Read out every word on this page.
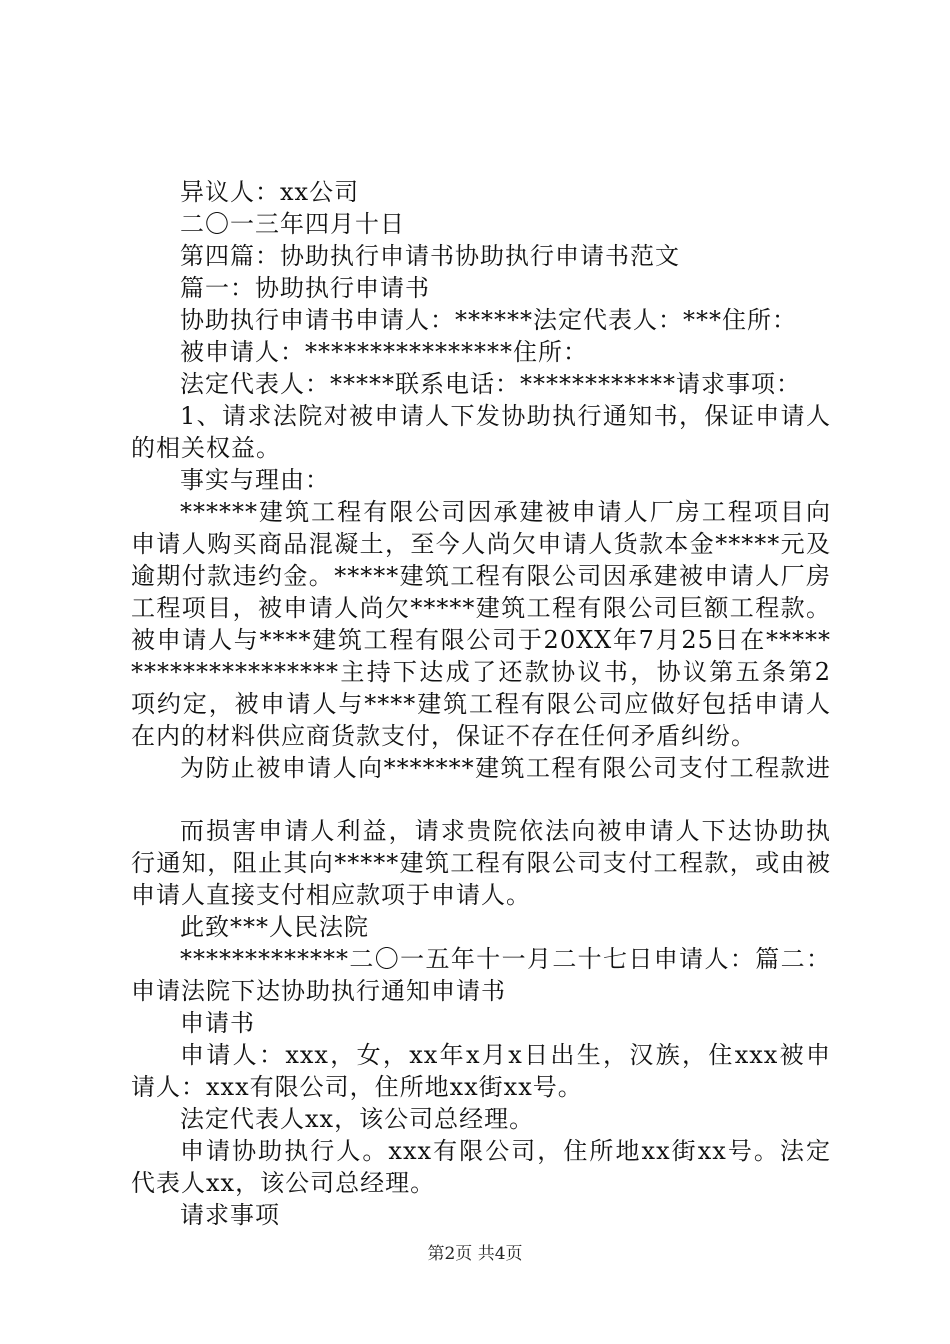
异议人：xx公司
二〇一三年四月十日
第四篇：协助执行申请书协助执行申请书范文
篇一：协助执行申请书
协助执行申请书申请人：******法定代表人：***住所：
被申请人：****************住所：
法定代表人：*****联系电话：************请求事项：
1、请求法院对被申请人下发协助执行通知书，保证申请人
的相关权益。
事实与理由：
******建筑工程有限公司因承建被申请人厂房工程项目向
申请人购买商品混凝土，至今人尚欠申请人货款本金*****元及
逾期付款违约金。*****建筑工程有限公司因承建被申请人厂房
工程项目，被申请人尚欠*****建筑工程有限公司巨额工程款。
被申请人与****建筑工程有限公司于20XX年7月25日在*****
****************主持下达成了还款协议书，协议第五条第2
项约定，被申请人与****建筑工程有限公司应做好包括申请人
在内的材料供应商货款支付，保证不存在任何矛盾纠纷。
为防止被申请人向*******建筑工程有限公司支付工程款进
而损害申请人利益，请求贵院依法向被申请人下达协助执
行通知，阻止其向*****建筑工程有限公司支付工程款，或由被
申请人直接支付相应款项于申请人。
此致***人民法院
*************二〇一五年十一月二十七日申请人：篇二：
申请法院下达协助执行通知申请书
申请书
申请人：xxx，女，xx年x月x日出生，汉族，住xxx被申
请人：xxx有限公司，住所地xx街xx号。
法定代表人xx，该公司总经理。
申请协助执行人。xxx有限公司，住所地xx街xx号。法定
代表人xx，该公司总经理。
请求事项
第2页 共4页
